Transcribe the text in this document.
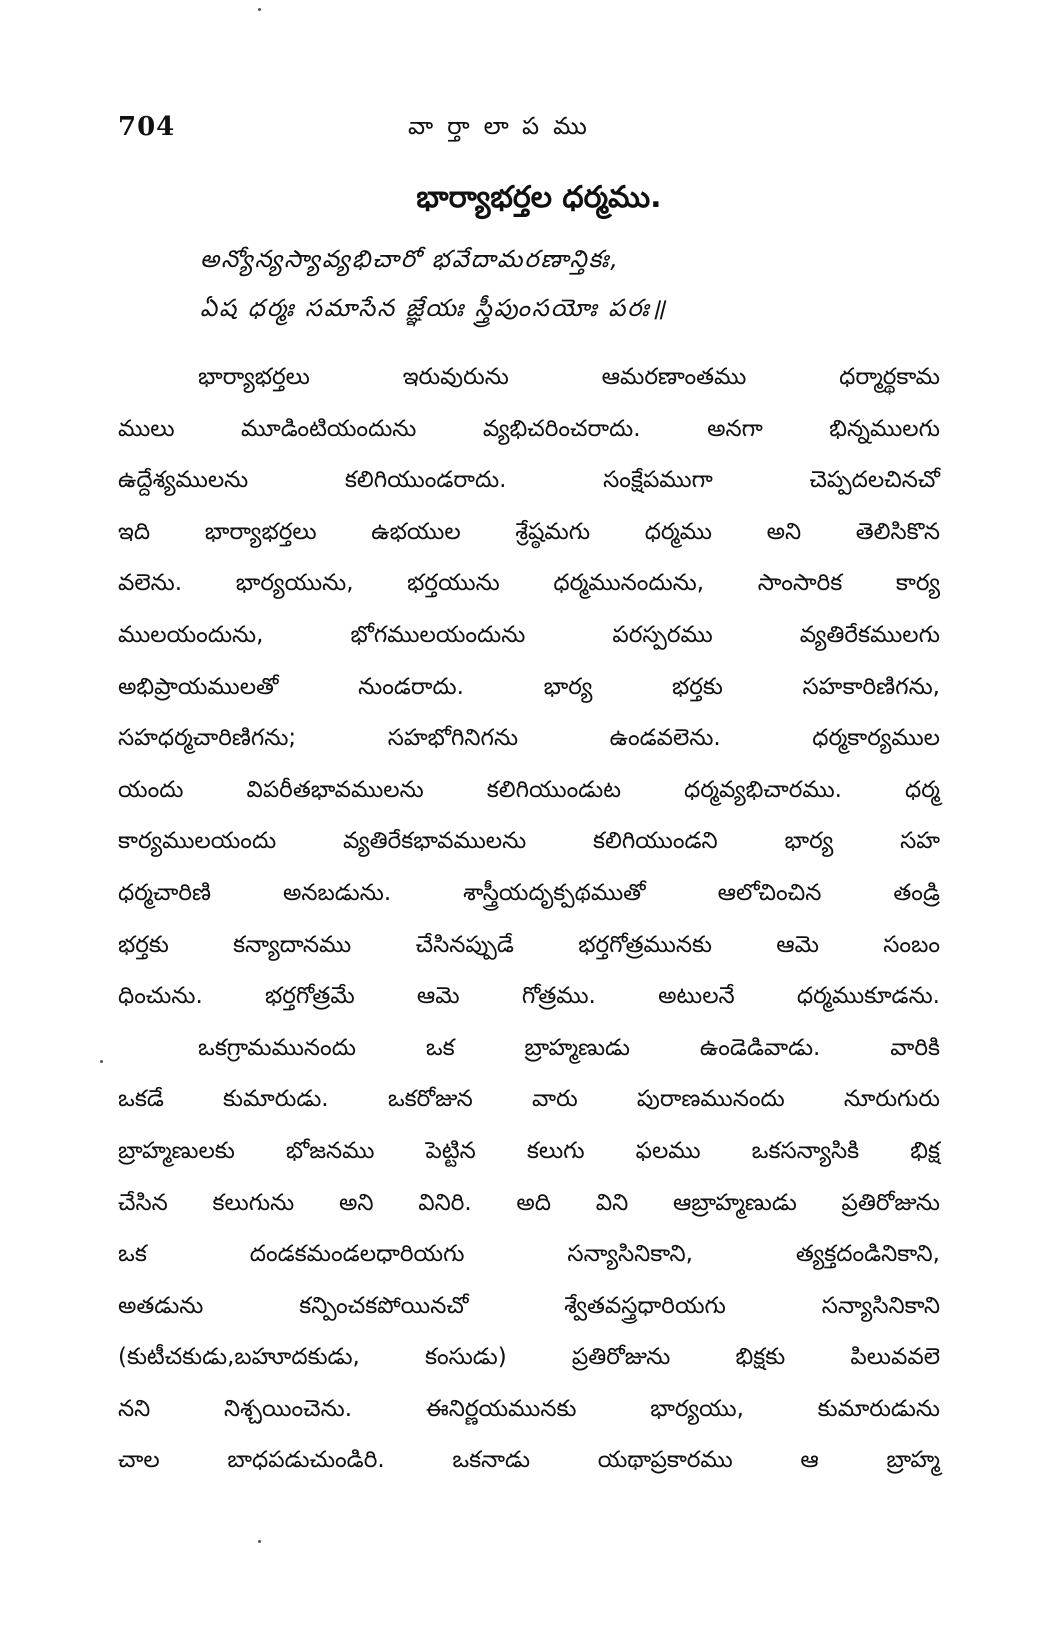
704	వార్తాలాపము
భార్యాభర్తల ధర్మము.
అన్యోన్యస్యావ్యభిచారో భవేదామరణాన్తికః,
ఏష ధర్మః సమాసేన జ్ఞేయః స్త్రీపుంసయోః పరః॥
భార్యాభర్తలు ఇరువురును ఆమరణాంతము ధర్మార్థకామ
ములు మూడింటియందును వ్యభిచరించరాదు. అనగా భిన్నములగు
ఉద్దేశ్యములను కలిగియుండరాదు. సంక్షేపముగా చెప్పదలచినచో
ఇది భార్యాభర్తలు ఉభయుల శ్రేష్ఠమగు ధర్మము అని తెలిసికొన
వలెను. భార్యయును, భర్తయును ధర్మమునందును, సాంసారిక కార్య
ములయందును, భోగములయందును పరస్పరము వ్యతిరేకములగు
అభిప్రాయములతో నుండరాదు. భార్య భర్తకు సహకారిణిగను,
సహధర్మచారిణిగను; సహభోగినిగను ఉండవలెను. ధర్మకార్యముల
యందు విపరీతభావములను కలిగియుండుట ధర్మవ్యభిచారము. ధర్మ
కార్యములయందు వ్యతిరేకభావములను కలిగియుండని భార్య సహ
ధర్మచారిణి అనబడును. శాస్త్రీయదృక్పథముతో ఆలోచించిన తండ్రి
భర్తకు కన్యాదానము చేసినప్పుడే భర్తగోత్రమునకు ఆమె సంబం
ధించును. భర్తగోత్రమే ఆమె గోత్రము. అటులనే ధర్మముకూడను.
ఒకగ్రామమునందు ఒక బ్రాహ్మణుడు ఉండెడివాడు. వారికి
ఒకడే కుమారుడు. ఒకరోజున వారు పురాణమునందు నూరుగురు
బ్రాహ్మణులకు భోజనము పెట్టిన కలుగు ఫలము ఒకసన్యాసికి భిక్ష
చేసిన కలుగును అని వినిరి. అది విని ఆబ్రాహ్మణుడు ప్రతిరోజును
ఒక దండకమండలధారియగు సన్యాసినికాని, త్యక్తదండినికాని,
అతడును కన్పించకపోయినచో శ్వేతవస్త్రధారియగు సన్యాసినికాని
(కుటీచకుడు,బహూదకుడు, కంసుడు) ప్రతిరోజును భిక్షకు పిలువవలె
నని నిశ్చయించెను. ఈనిర్ణయమునకు భార్యయు, కుమారుడును
చాల బాధపడుచుండిరి. ఒకనాడు యథాప్రకారము ఆ బ్రాహ్మ
